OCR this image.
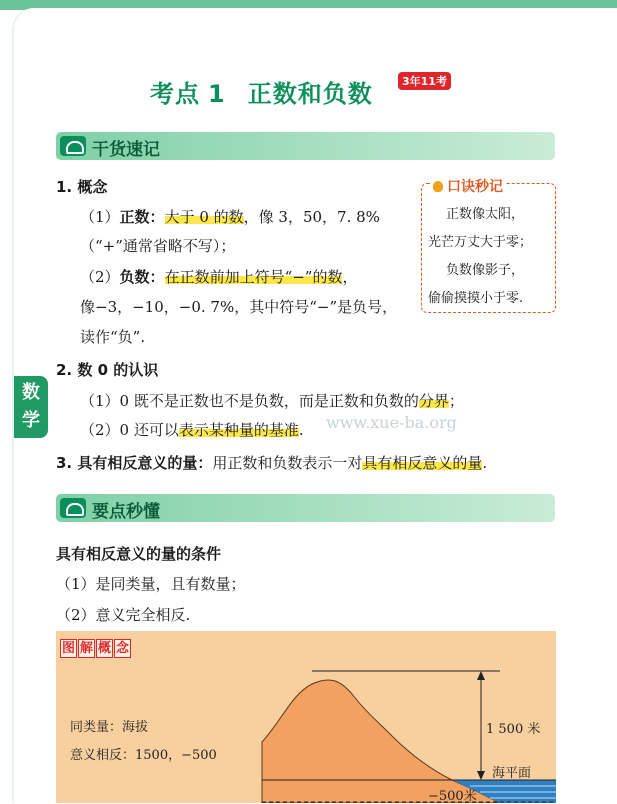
考点 1 正数和负数	3年11考
干货速记
1. 概念
（1）正数：大于 0 的数，像 3，50，7. 8%
（“+”通常省略不写）；
（2）负数：在正数前加上符号“−”的数，
像−3，−10，−0. 7%，其中符号“−”是负号，
读作“负”.
口诀秒记
正数像太阳，
光芒万丈大于零；
负数像影子，
偷偷摸摸小于零.
数
学
2. 数 0 的认识
（1）0 既不是正数也不是负数，而是正数和负数的分界；
（2）0 还可以表示某种量的基准. www.xue-ba.org
3. 具有相反意义的量：用正数和负数表示一对具有相反意义的量.
要点秒懂
具有相反意义的量的条件
（1）是同类量，且有数量；
（2）意义完全相反.
图 解 概 念
同类量：海拔
意义相反：1500，−500
1 500 米
海平面
−500米
